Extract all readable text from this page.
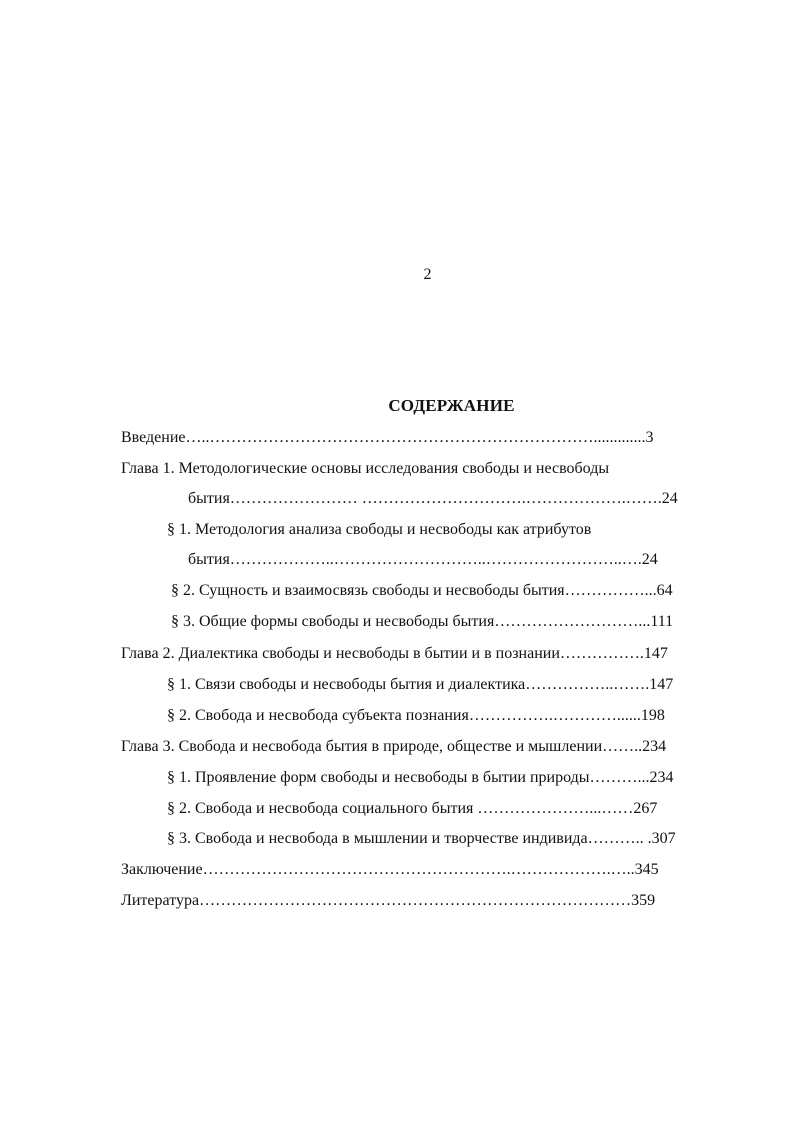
2
СОДЕРЖАНИЕ
Введение…..……………………………………………………………….............3
Глава 1. Методологические основы исследования свободы и несвободы
бытия…………………… ………………………….……………….…….24
§ 1. Методология анализа свободы и несвободы как атрибутов
бытия………………..………………………..……………………..….24
§ 2. Сущность и взаимосвязь свободы и несвободы бытия……………...64
§ 3. Общие формы свободы и несвободы бытия………………………...111
Глава 2. Диалектика свободы и несвободы в бытии и в познании…………….147
§ 1. Связи свободы и несвободы бытия и диалектика……………..…….147
§ 2. Свобода и несвобода субъекта познания…………….…………......198
Глава 3. Свобода и несвобода бытия в природе, обществе и мышлении……..234
§ 1. Проявление форм свободы и несвободы в бытии природы………...234
§ 2. Свобода и несвобода социального бытия …………………...……267
§ 3. Свобода и несвобода в мышлении и творчестве индивида……….. .307
Заключение………………………………………………….……………….…..345
Литература………………………………………………………………………359
